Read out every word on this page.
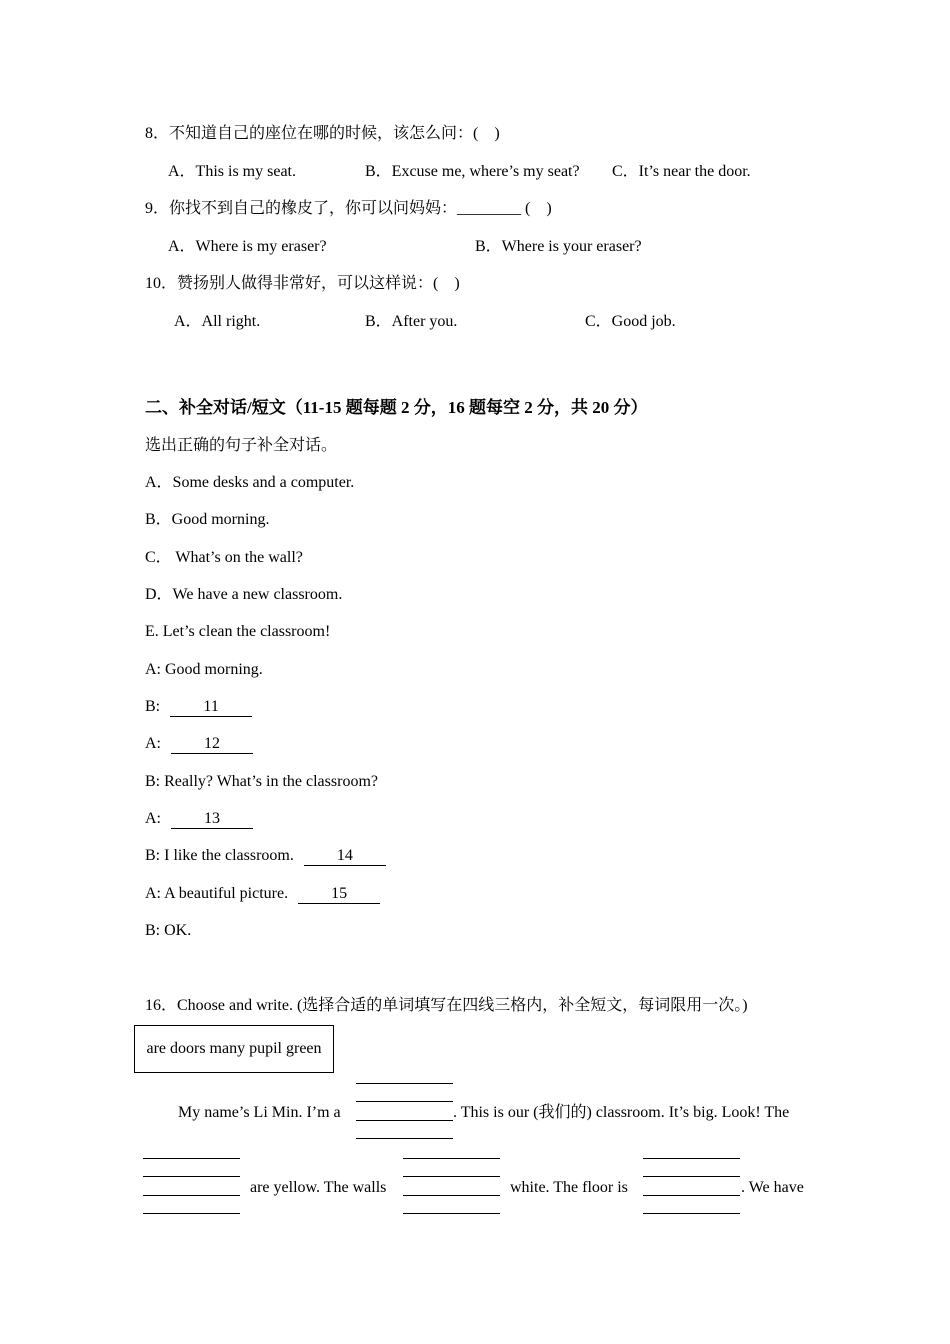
8．不知道自己的座位在哪的时候，该怎么问：(　)
A．This is my seat.	B．Excuse me, where’s my seat? C．It’s near the door.
9．你找不到自己的橡皮了，你可以问妈妈：________ (　)
A．Where is my eraser?	B．Where is your eraser?
10．赞扬别人做得非常好，可以这样说：(　)
A．All right.	B．After you.	C．Good job.
二、补全对话/短文（11-15 题每题 2 分，16 题每空 2 分，共 20 分）
选出正确的句子补全对话。
A．Some desks and a computer.
B．Good morning.
C． What’s on the wall?
D．We have a new classroom.
E. Let’s clean the classroom!
A: Good morning.
B:	11
A:	12
B: Really? What’s in the classroom?
A:	13
B: I like the classroom.	14
A: A beautiful picture.	15
B: OK.
16．Choose and write. (选择合适的单词填写在四线三格内，补全短文，每词限用一次。)
are doors many pupil green
My name’s Li Min. I’m a	. This is our (我们的) classroom. It’s big. Look! The
are yellow. The walls	white. The floor is	. We have
